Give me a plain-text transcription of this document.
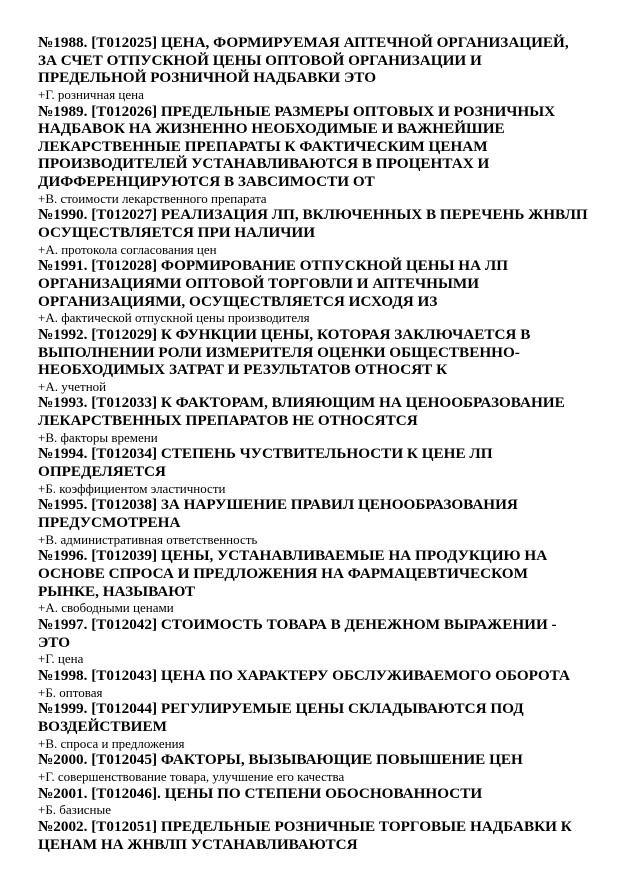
№1988. [T012025] ЦЕНА, ФОРМИРУЕМАЯ АПТЕЧНОЙ ОРГАНИЗАЦИЕЙ, ЗА СЧЕТ ОТПУСКНОЙ ЦЕНЫ ОПТОВОЙ ОРГАНИЗАЦИИ И ПРЕДЕЛЬНОЙ РОЗНИЧНОЙ НАДБАВКИ ЭТО

+Г. розничная цена

№1989. [T012026] ПРЕДЕЛЬНЫЕ РАЗМЕРЫ ОПТОВЫХ И РОЗНИЧНЫХ НАДБАВОК НА ЖИЗНЕННО НЕОБХОДИМЫЕ И ВАЖНЕЙШИЕ ЛЕКАРСТВЕННЫЕ ПРЕПАРАТЫ К ФАКТИЧЕСКИМ ЦЕНАМ ПРОИЗВОДИТЕЛЕЙ УСТАНАВЛИВАЮТСЯ В ПРОЦЕНТАХ И ДИФФЕРЕНЦИРУЮТСЯ В ЗАВСИМОСТИ ОТ

+В. стоимости лекарственного препарата

№1990. [T012027] РЕАЛИЗАЦИЯ ЛП, ВКЛЮЧЕННЫХ В ПЕРЕЧЕНЬ ЖНВЛП ОСУЩЕСТВЛЯЕТСЯ ПРИ НАЛИЧИИ

+А. протокола согласования цен

№1991. [T012028] ФОРМИРОВАНИЕ ОТПУСКНОЙ ЦЕНЫ НА ЛП ОРГАНИЗАЦИЯМИ ОПТОВОЙ ТОРГОВЛИ И АПТЕЧНЫМИ ОРГАНИЗАЦИЯМИ, ОСУЩЕСТВЛЯЕТСЯ ИСХОДЯ ИЗ

+А. фактической отпускной цены производителя

№1992. [T012029] К ФУНКЦИИ ЦЕНЫ, КОТОРАЯ ЗАКЛЮЧАЕТСЯ В ВЫПОЛНЕНИИ РОЛИ ИЗМЕРИТЕЛЯ ОЦЕНКИ ОБЩЕСТВЕННО-НЕОБХОДИМЫХ ЗАТРАТ И РЕЗУЛЬТАТОВ ОТНОСЯТ К

+А. учетной

№1993. [T012033] К ФАКТОРАМ, ВЛИЯЮЩИМ НА ЦЕНООБРАЗОВАНИЕ ЛЕКАРСТВЕННЫХ ПРЕПАРАТОВ НЕ ОТНОСЯТСЯ

+В. факторы времени

№1994. [T012034] СТЕПЕНЬ ЧУСТВИТЕЛЬНОСТИ К ЦЕНЕ ЛП ОПРЕДЕЛЯЕТСЯ

+Б. коэффициентом эластичности

№1995. [T012038] ЗА НАРУШЕНИЕ ПРАВИЛ ЦЕНООБРАЗОВАНИЯ ПРЕДУСМОТРЕНА

+В. административная ответственность

№1996. [T012039] ЦЕНЫ, УСТАНАВЛИВАЕМЫЕ НА ПРОДУКЦИЮ НА ОСНОВЕ СПРОСА И ПРЕДЛОЖЕНИЯ НА ФАРМАЦЕВТИЧЕСКОМ РЫНКЕ, НАЗЫВАЮТ

+А. свободными ценами

№1997. [T012042] СТОИМОСТЬ ТОВАРА В ДЕНЕЖНОМ ВЫРАЖЕНИИ - ЭТО

+Г. цена

№1998. [T012043] ЦЕНА ПО ХАРАКТЕРУ ОБСЛУЖИВАЕМОГО ОБОРОТА

+Б. оптовая

№1999. [T012044] РЕГУЛИРУЕМЫЕ ЦЕНЫ СКЛАДЫВАЮТСЯ ПОД ВОЗДЕЙСТВИЕМ

+В. спроса и предложения

№2000. [T012045] ФАКТОРЫ, ВЫЗЫВАЮЩИЕ ПОВЫШЕНИЕ ЦЕН

+Г. совершенствование товара, улучшение его качества

№2001. [T012046]. ЦЕНЫ ПО СТЕПЕНИ ОБОСНОВАННОСТИ

+Б. базисные

№2002. [T012051] ПРЕДЕЛЬНЫЕ РОЗНИЧНЫЕ ТОРГОВЫЕ НАДБАВКИ К ЦЕНАМ НА ЖНВЛП УСТАНАВЛИВАЮТСЯ
